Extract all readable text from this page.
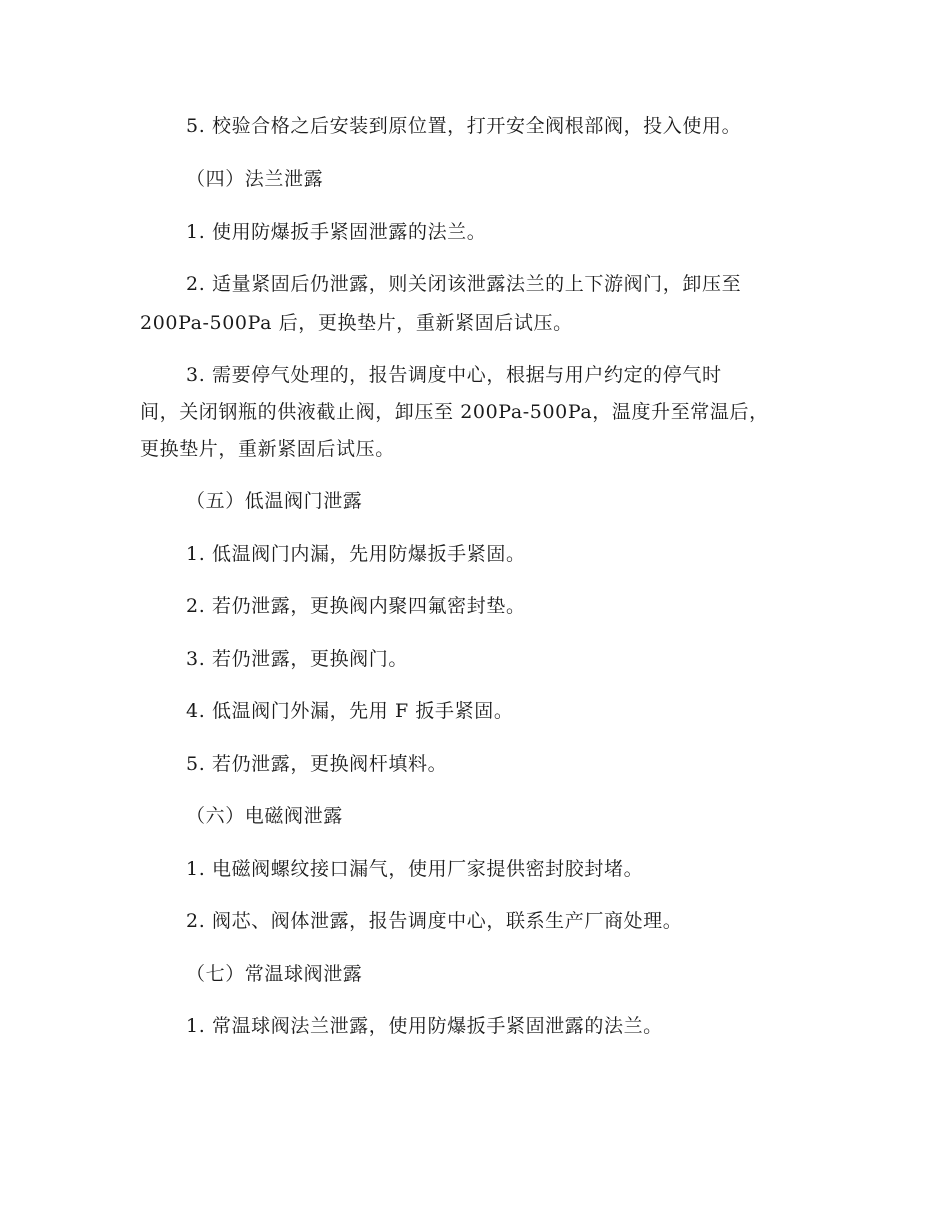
5. 校验合格之后安装到原位置，打开安全阀根部阀，投入使用。
（四）法兰泄露
1. 使用防爆扳手紧固泄露的法兰。
2. 适量紧固后仍泄露，则关闭该泄露法兰的上下游阀门，卸压至
200Pa-500Pa 后，更换垫片，重新紧固后试压。
3. 需要停气处理的，报告调度中心，根据与用户约定的停气时
间，关闭钢瓶的供液截止阀，卸压至 200Pa-500Pa，温度升至常温后，
更换垫片，重新紧固后试压。
（五）低温阀门泄露
1. 低温阀门内漏，先用防爆扳手紧固。
2. 若仍泄露，更换阀内聚四氟密封垫。
3. 若仍泄露，更换阀门。
4. 低温阀门外漏，先用 F 扳手紧固。
5. 若仍泄露，更换阀杆填料。
（六）电磁阀泄露
1. 电磁阀螺纹接口漏气，使用厂家提供密封胶封堵。
2. 阀芯、阀体泄露，报告调度中心，联系生产厂商处理。
（七）常温球阀泄露
1. 常温球阀法兰泄露，使用防爆扳手紧固泄露的法兰。
